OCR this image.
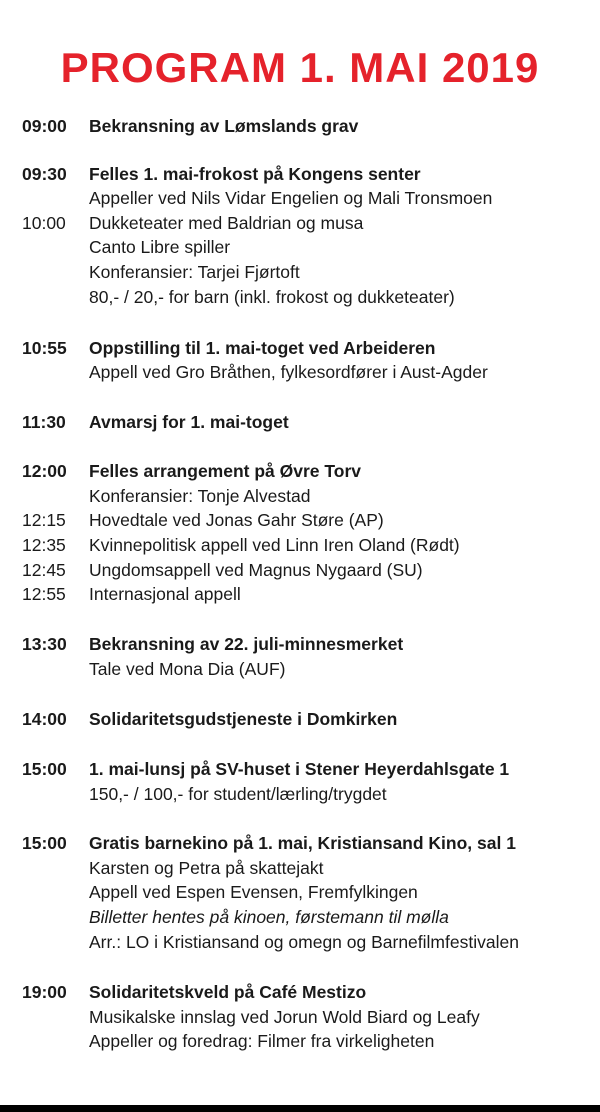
PROGRAM 1. MAI 2019
09:00	Bekransning av Lømslands grav
09:30	Felles 1. mai-frokost på Kongens senter
Appeller ved Nils Vidar Engelien og Mali Tronsmoen
10:00	Dukketeater med Baldrian og musa
Canto Libre spiller
Konferansier: Tarjei Fjørtoft
80,- / 20,- for barn (inkl. frokost og dukketeater)
10:55	Oppstilling til 1. mai-toget ved Arbeideren
Appell ved Gro Bråthen, fylkesordfører i Aust-Agder
11:30	Avmarsj for 1. mai-toget
12:00	Felles arrangement på Øvre Torv
Konferansier: Tonje Alvestad
12:15	Hovedtale ved Jonas Gahr Støre (AP)
12:35	Kvinnepolitisk appell ved Linn Iren Oland (Rødt)
12:45	Ungdomsappell ved Magnus Nygaard (SU)
12:55	Internasjonal appell
13:30	Bekransning av 22. juli-minnesmerket
Tale ved Mona Dia (AUF)
14:00	Solidaritetsgudstjeneste i Domkirken
15:00	1. mai-lunsj på SV-huset i Stener Heyerdahlsgate 1
150,- / 100,- for student/lærling/trygdet
15:00	Gratis barnekino på 1. mai, Kristiansand Kino, sal 1
Karsten og Petra på skattejakt
Appell ved Espen Evensen, Fremfylkingen
Billetter hentes på kinoen, førstemann til mølla
Arr.: LO i Kristiansand og omegn og Barnefilmfestivalen
19:00	Solidaritetskveld på Café Mestizo
Musikalske innslag ved Jorun Wold Biard og Leafy
Appeller og foredrag: Filmer fra virkeligheten
